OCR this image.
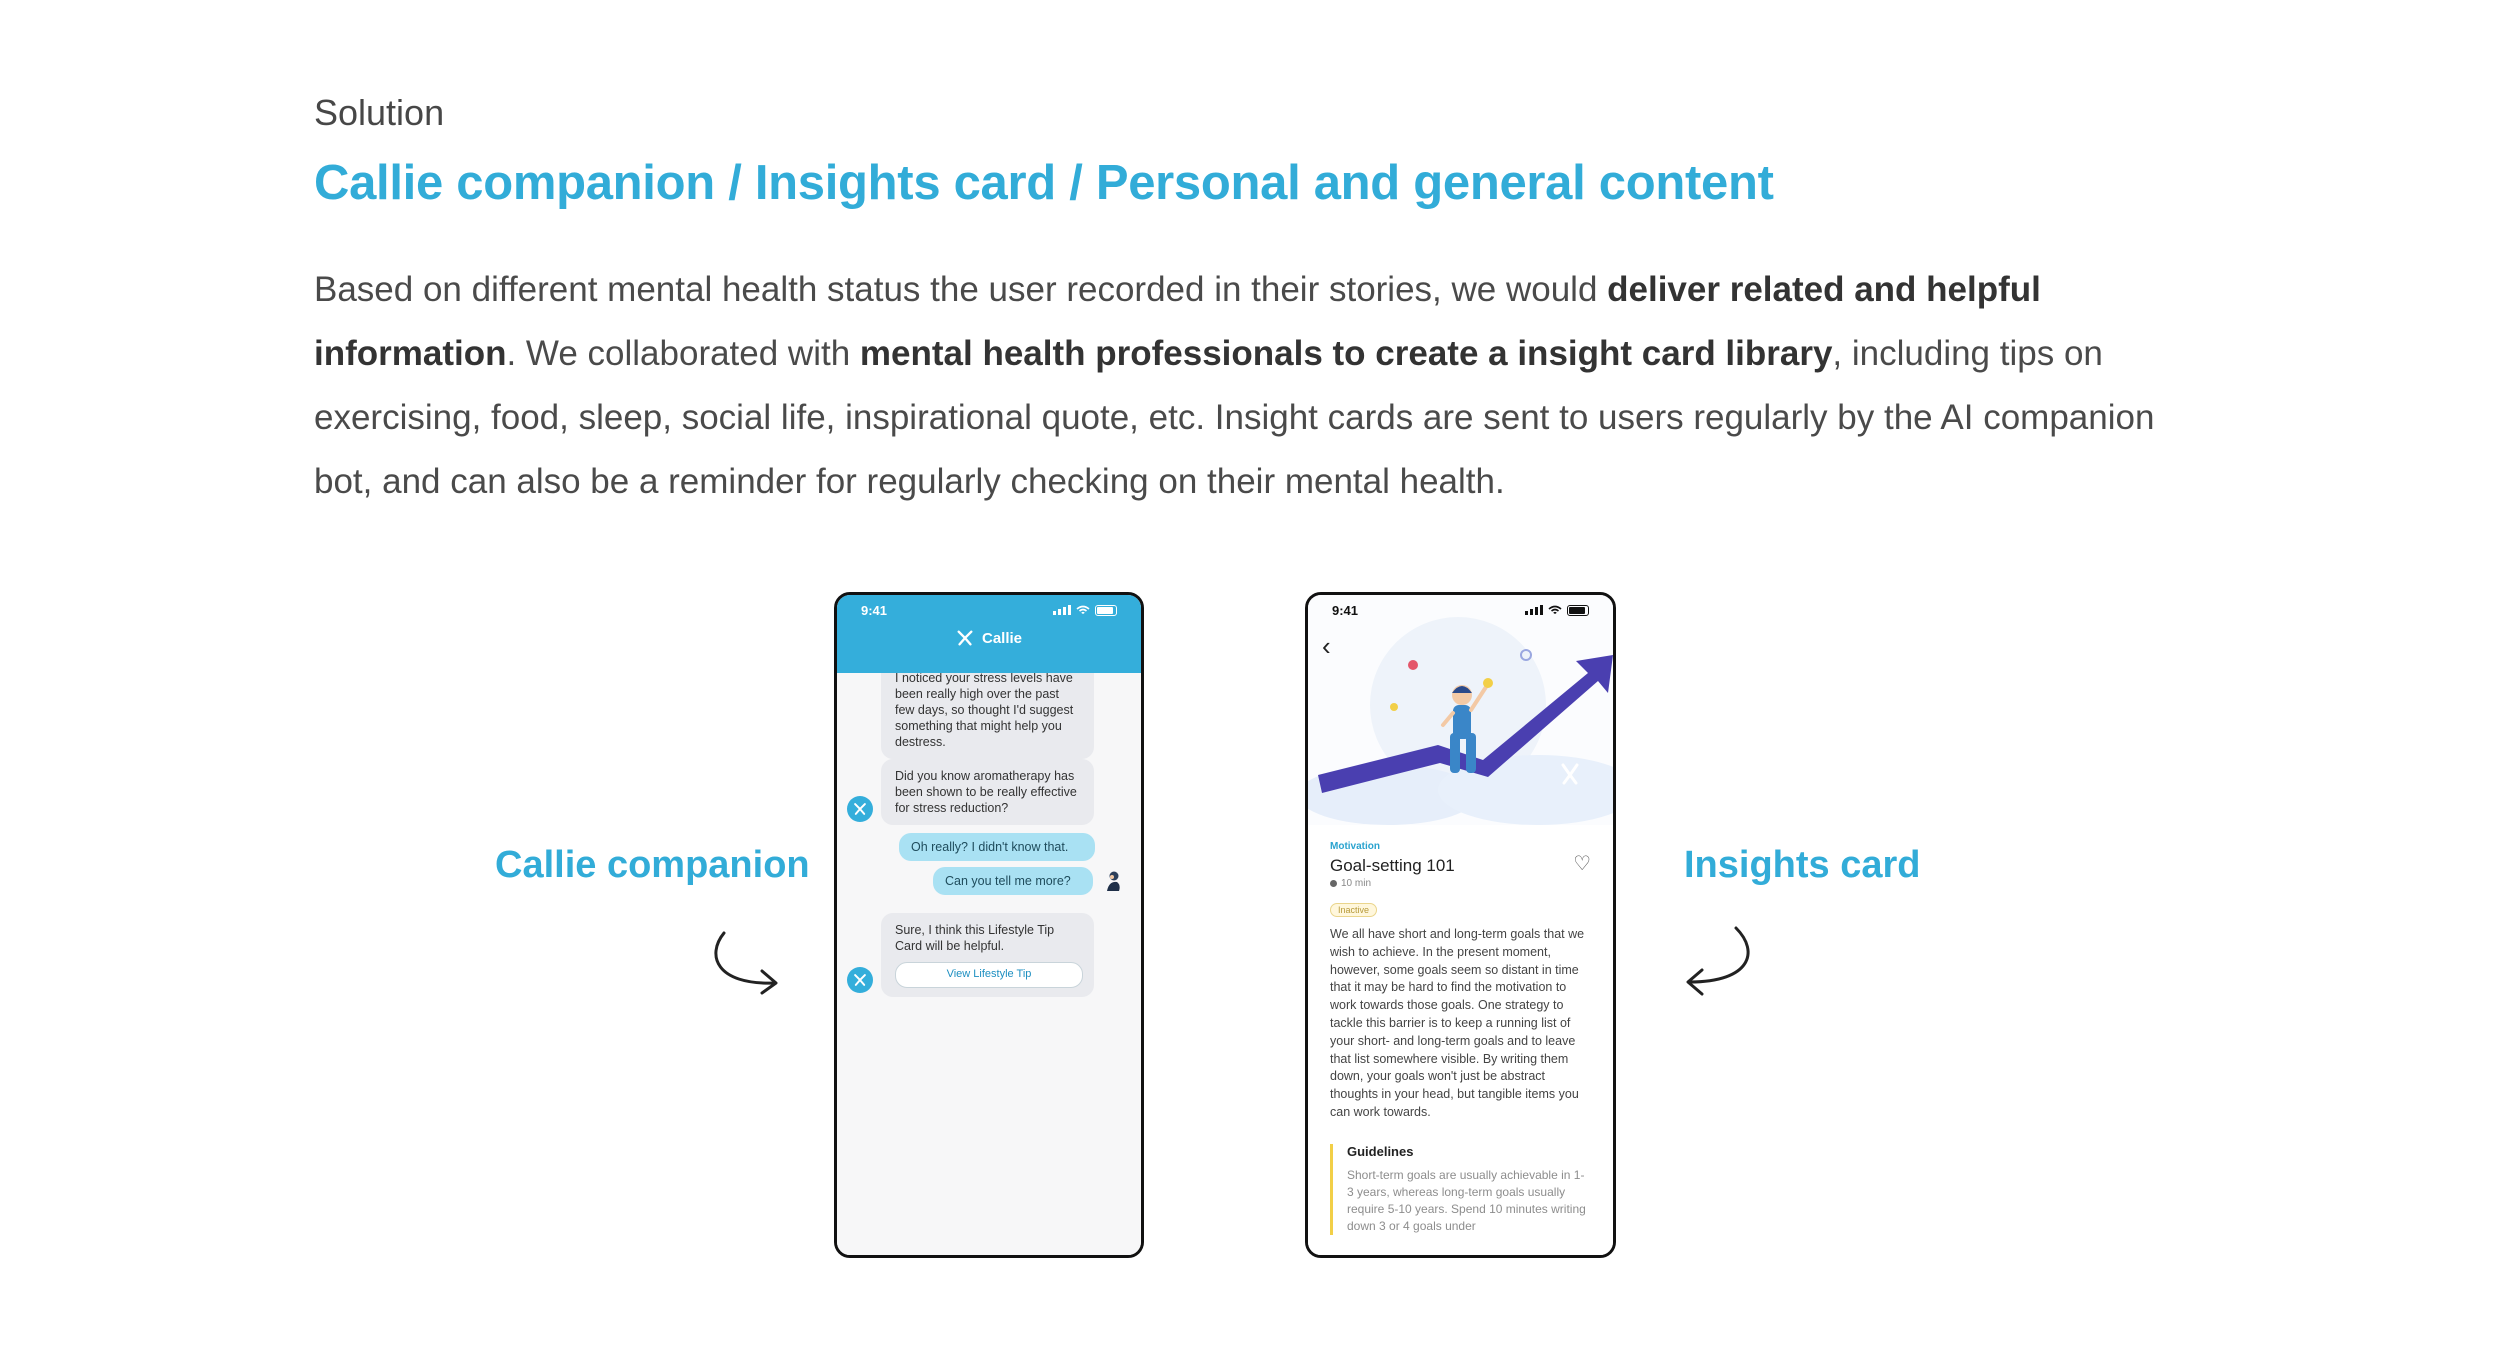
Solution
Callie companion / Insights card / Personal and general content
Based on different mental health status the user recorded in their stories, we would deliver related and helpful information. We collaborated with mental health professionals to create a insight card library, including tips on exercising, food, sleep, social life, inspirational quote, etc. Insight cards are sent to users regularly by the AI companion bot, and can also be a reminder for regularly checking on their mental health.
Callie companion	Insights card
9:41
Callie
I noticed your stress levels have been really high over the past few days, so thought I'd suggest something that might help you destress.
Did you know aromatherapy has been shown to be really effective for stress reduction?
Oh really? I didn't know that.
Can you tell me more?
Sure, I think this Lifestyle Tip Card will be helpful.
View Lifestyle Tip
9:41
‹
Motivation
Goal-setting 101
10 min
♡
Inactive
We all have short and long-term goals that we wish to achieve. In the present moment, however, some goals seem so distant in time that it may be hard to find the motivation to work towards those goals. One strategy to tackle this barrier is to keep a running list of your short- and long-term goals and to leave that list somewhere visible. By writing them down, your goals won't just be abstract thoughts in your head, but tangible items you can work towards.
Guidelines
Short-term goals are usually achievable in 1-3 years, whereas long-term goals usually require 5-10 years. Spend 10 minutes writing down 3 or 4 goals under
